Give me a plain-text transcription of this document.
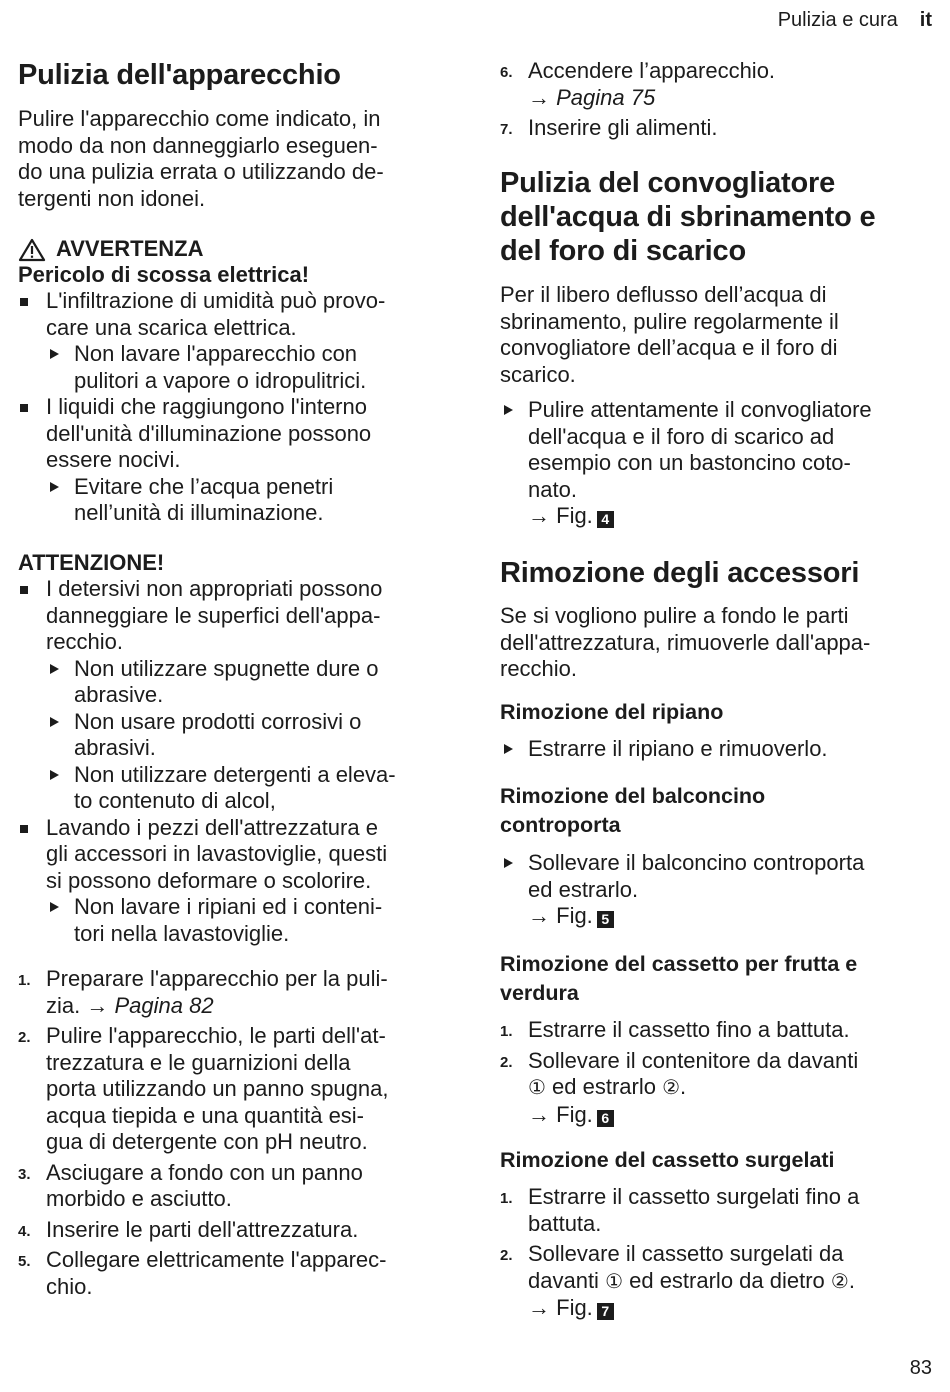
Pulizia e cura it
Pulizia dell'apparecchio
Pulire l'apparecchio come indicato, in
modo da non danneggiarlo eseguen-
do una pulizia errata o utilizzando de-
tergenti non idonei.
AVVERTENZA
Pericolo di scossa elettrica!
L'infiltrazione di umidità può provo-
care una scarica elettrica.
Non lavare l'apparecchio con
pulitori a vapore o idropulitrici.
I liquidi che raggiungono l'interno
dell'unità d'illuminazione possono
essere nocivi.
Evitare che l’acqua penetri
nell’unità di illuminazione.
ATTENZIONE!
I detersivi non appropriati possono
danneggiare le superfici dell'appa-
recchio.
Non utilizzare spugnette dure o
abrasive.
Non usare prodotti corrosivi o
abrasivi.
Non utilizzare detergenti a eleva-
to contenuto di alcol,
Lavando i pezzi dell'attrezzatura e
gli accessori in lavastoviglie, questi
si possono deformare o scolorire.
Non lavare i ripiani ed i conteni-
tori nella lavastoviglie.
1. Preparare l'apparecchio per la puli-
zia. → Pagina 82
2. Pulire l'apparecchio, le parti dell'at-
trezzatura e le guarnizioni della
porta utilizzando un panno spugna,
acqua tiepida e una quantità esi-
gua di detergente con pH neutro.
3. Asciugare a fondo con un panno
morbido e asciutto.
4. Inserire le parti dell'attrezzatura.
5. Collegare elettricamente l'apparec-
chio.
6. Accendere l’apparecchio.
→ Pagina 75
7. Inserire gli alimenti.
Pulizia del convogliatore
dell'acqua di sbrinamento e
del foro di scarico
Per il libero deflusso dell’acqua di
sbrinamento, pulire regolarmente il
convogliatore dell’acqua e il foro di
scarico.
Pulire attentamente il convogliatore
dell'acqua e il foro di scarico ad
esempio con un bastoncino coto-
nato.
→ Fig. 4
Rimozione degli accessori
Se si vogliono pulire a fondo le parti
dell'attrezzatura, rimuoverle dall'appa-
recchio.
Rimozione del ripiano
Estrarre il ripiano e rimuoverlo.
Rimozione del balconcino
controporta
Sollevare il balconcino controporta
ed estrarlo.
→ Fig. 5
Rimozione del cassetto per frutta e
verdura
1. Estrarre il cassetto fino a battuta.
2. Sollevare il contenitore da davanti
① ed estrarlo ②.
→ Fig. 6
Rimozione del cassetto surgelati
1. Estrarre il cassetto surgelati fino a
battuta.
2. Sollevare il cassetto surgelati da
davanti ① ed estrarlo da dietro ②.
→ Fig. 7
83
